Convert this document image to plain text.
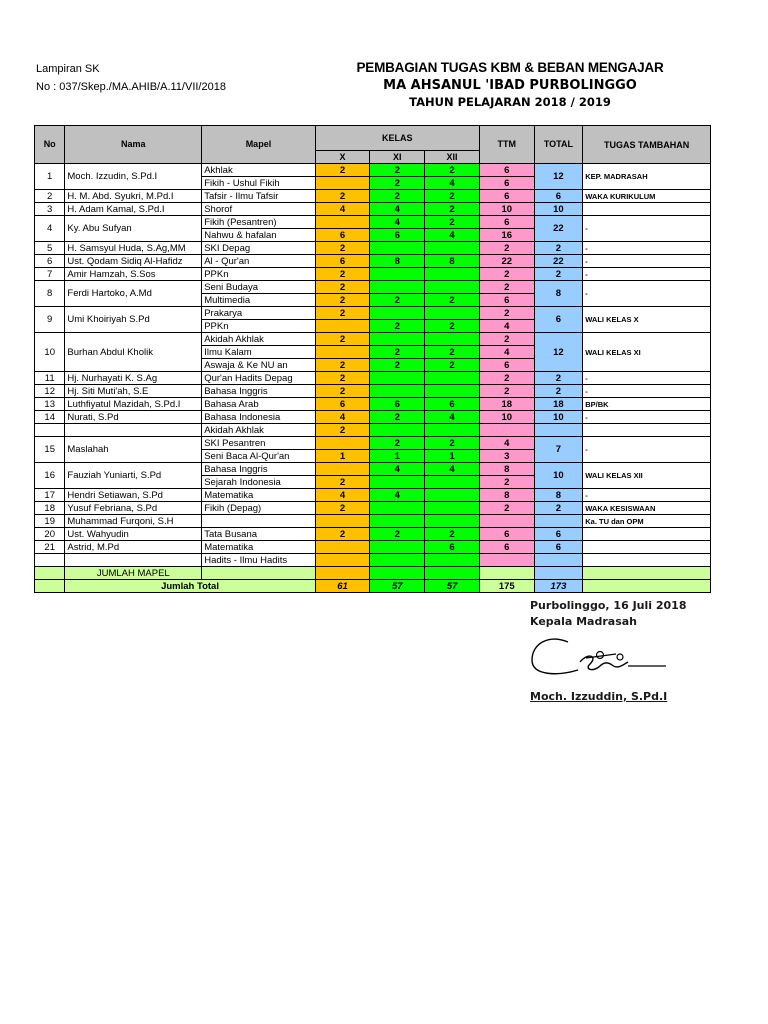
Lampiran SK
No : 037/Skep./MA.AHIB/A.11/VII/2018
PEMBAGIAN TUGAS KBM & BEBAN MENGAJAR
MA AHSANUL 'IBAD PURBOLINGGO
TAHUN PELAJARAN 2018 / 2019
No	Nama	Mapel	KELAS			TTM	TOTAL	TUGAS TAMBAHAN
			X	XI	XII			
1	Moch. Izzudin, S.Pd.I	Akhlak	2	2	2	6	12	KEP. MADRASAH
		Fikih - Ushul Fikih		2	4	6		
2	H. M. Abd. Syukri, M.Pd.I	Tafsir - Ilmu Tafsir	2	2	2	6	6	WAKA KURIKULUM
3	H. Adam Kamal, S.Pd.I	Shorof	4	4	2	10	10	
4	Ky. Abu Sufyan	Fikih (Pesantren)		4	2	6	22	-
		Nahwu & hafalan	6	6	4	16		
5	H. Samsyul Huda, S.Ag,MM	SKI Depag	2			2	2	-
6	Ust. Qodam Sidiq Al-Hafidz	Al - Qur'an	6	8	8	22	22	-
7	Amir Hamzah, S.Sos	PPKn	2			2	2	-
8	Ferdi Hartoko, A.Md	Seni Budaya	2			2	8	-
		Multimedia	2	2	2	6		
9	Umi Khoiriyah S.Pd	Prakarya	2			2	6	WALI KELAS X
		PPKn		2	2	4		
10	Burhan Abdul Kholik	Akidah Akhlak	2			2	12	WALI KELAS XI
		Ilmu Kalam		2	2	4		
		Aswaja & Ke NU an	2	2	2	6		
11	Hj. Nurhayati K. S.Ag	Qur'an Hadits Depag	2			2	2	-
12	Hj. Siti Muti'ah, S.E	Bahasa Inggris	2			2	2	-
13	Luthfiyatul Mazidah, S.Pd.I	Bahasa Arab	6	6	6	18	18	BP/BK
14	Nurati, S.Pd	Bahasa Indonesia	4	2	4	10	10	-
		Akidah Akhlak	2					
15	Maslahah	SKI Pesantren		2	2	4	7	-
		Seni Baca Al-Qur'an	1	1	1	3		
16	Fauziah Yuniarti, S.Pd	Bahasa Inggris		4	4	8	10	WALI KELAS XII
		Sejarah Indonesia	2			2		
17	Hendri Setiawan, S.Pd	Matematika	4	4		8	8	-
18	Yusuf Febriana, S.Pd	Fikih (Depag)	2			2	2	WAKA KESISWAAN
19	Muhammad Furqoni, S.H							Ka. TU dan OPM
20	Ust. Wahyudin	Tata Busana	2	2	2	6	6	
21	Astrid, M.Pd	Matematika			6	6	6	
		Hadits - Ilmu Hadits						
	JUMLAH MAPEL							
	Jumlah Total		61	57	57	175	173	
Purbolinggo, 16 Juli 2018
Kepala Madrasah
Moch. Izzuddin, S.Pd.I
